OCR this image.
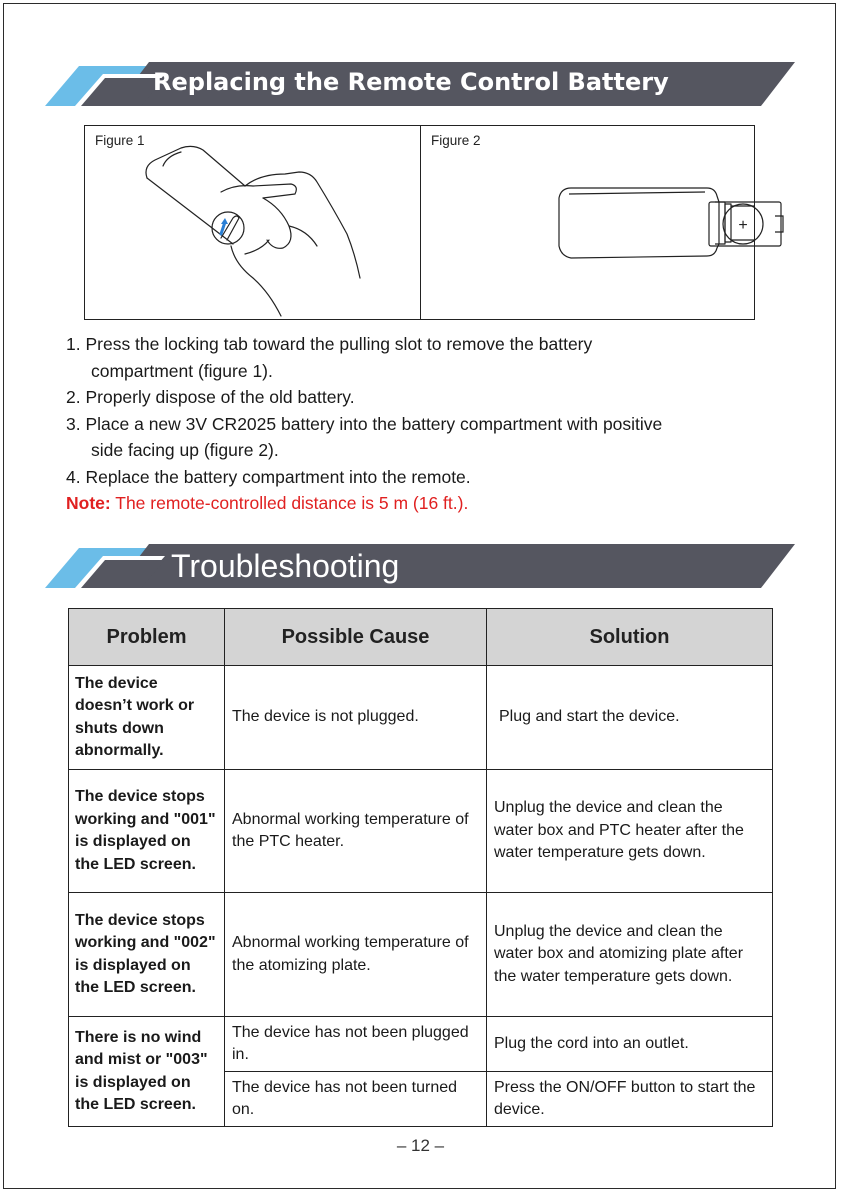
Replacing the Remote Control Battery
Figure 1	Figure 2
+
1. Press the locking tab toward the pulling slot to remove the battery
compartment (figure 1).
2. Properly dispose of the old battery.
3. Place a new 3V CR2025 battery into the battery compartment with positive
side facing up (figure 2).
4. Replace the battery compartment into the remote.
Note: The remote-controlled distance is 5 m (16 ft.).
Troubleshooting
Problem	Possible Cause	Solution
The device doesn’t work or shuts down abnormally.	The device is not plugged.	Plug and start the device.
The device stops working and "001" is displayed on the LED screen.	Abnormal working temperature of the PTC heater.	Unplug the device and clean the water box and PTC heater after the water temperature gets down.
The device stops working and "002" is displayed on the LED screen.	Abnormal working temperature of the atomizing plate.	Unplug the device and clean the water box and atomizing plate after the water temperature gets down.
There is no wind and mist or "003" is displayed on the LED screen.	The device has not been plugged in.	Plug the cord into an outlet.
	The device has not been turned on.	Press the ON/OFF button to start the device.
– 12 –
